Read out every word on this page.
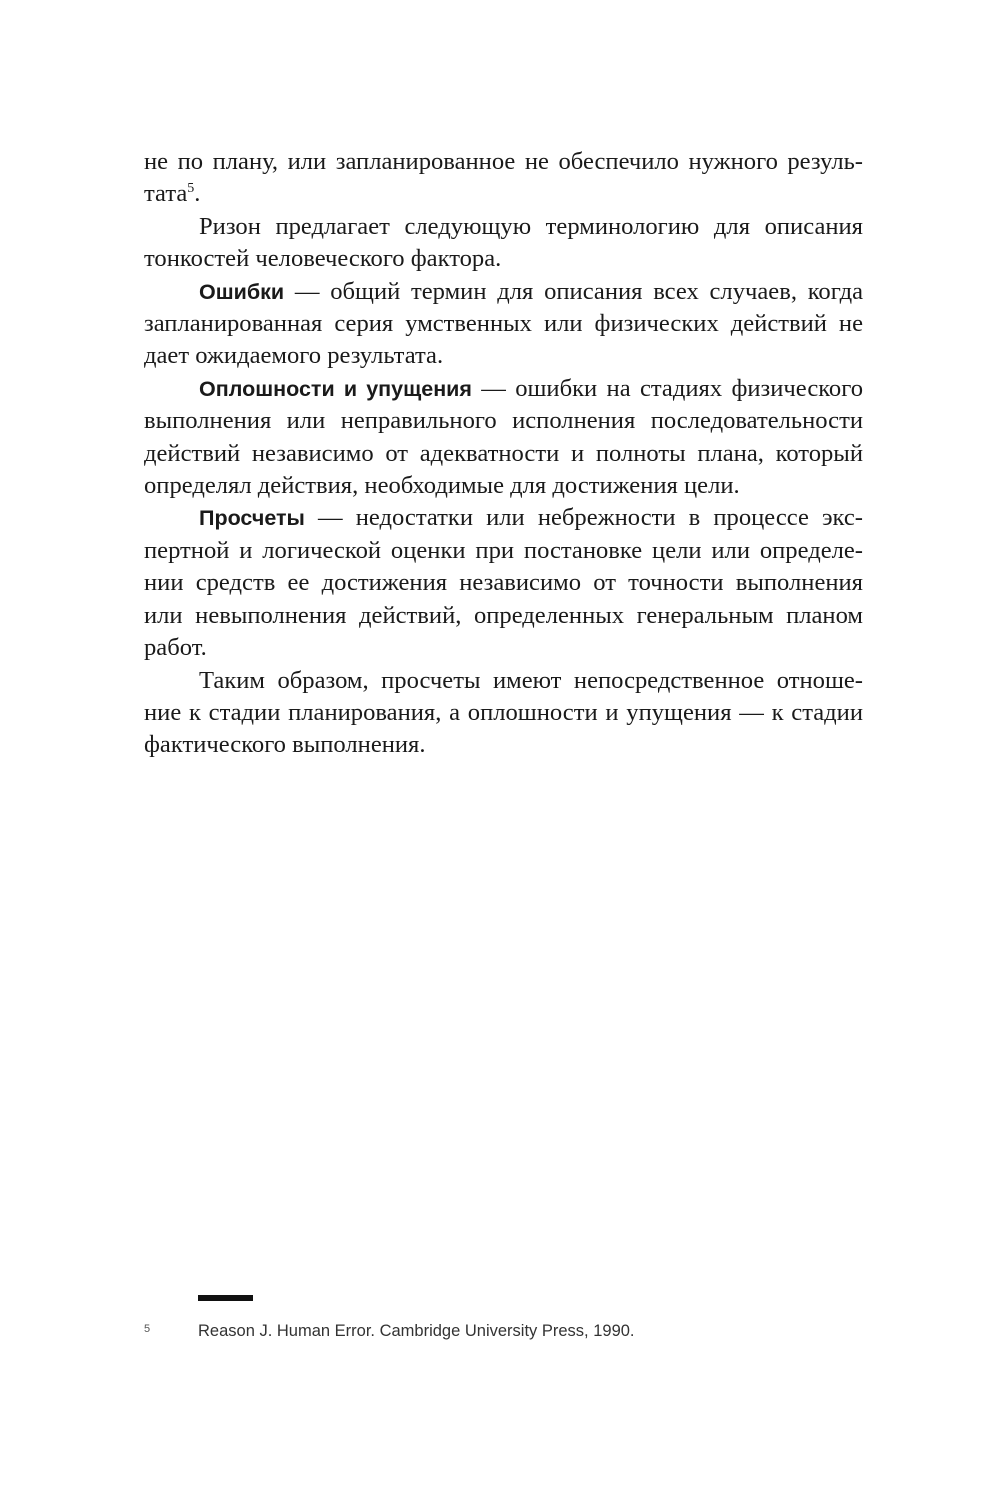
не по плану, или запланированное не обеспечило нужного резуль- тата$^5$.

Ризон предлагает следующую терминологию для описания тонкостей человеческого фактора.

Ошибки — общий термин для описания всех случаев, когда запланированная серия умственных или физических действий не дает ожидаемого результата.

Оплошности и упущения — ошибки на стадиях физического выполнения или неправильного исполнения последовательности действий независимо от адекватности и полноты плана, который определял действия, необходимые для достижения цели.

Просчеты — недостатки или небрежности в процессе экс- пертной и логической оценки при постановке цели или определе- нии средств ее достижения независимо от точности выполнения или невыполнения действий, определенных генеральным планом работ.

Таким образом, просчеты имеют непосредственное отноше- ние к стадии планирования, а оплошности и упущения — к стадии фактического выполнения.

5	Reason J. Human Error. Cambridge University Press, 1990.
